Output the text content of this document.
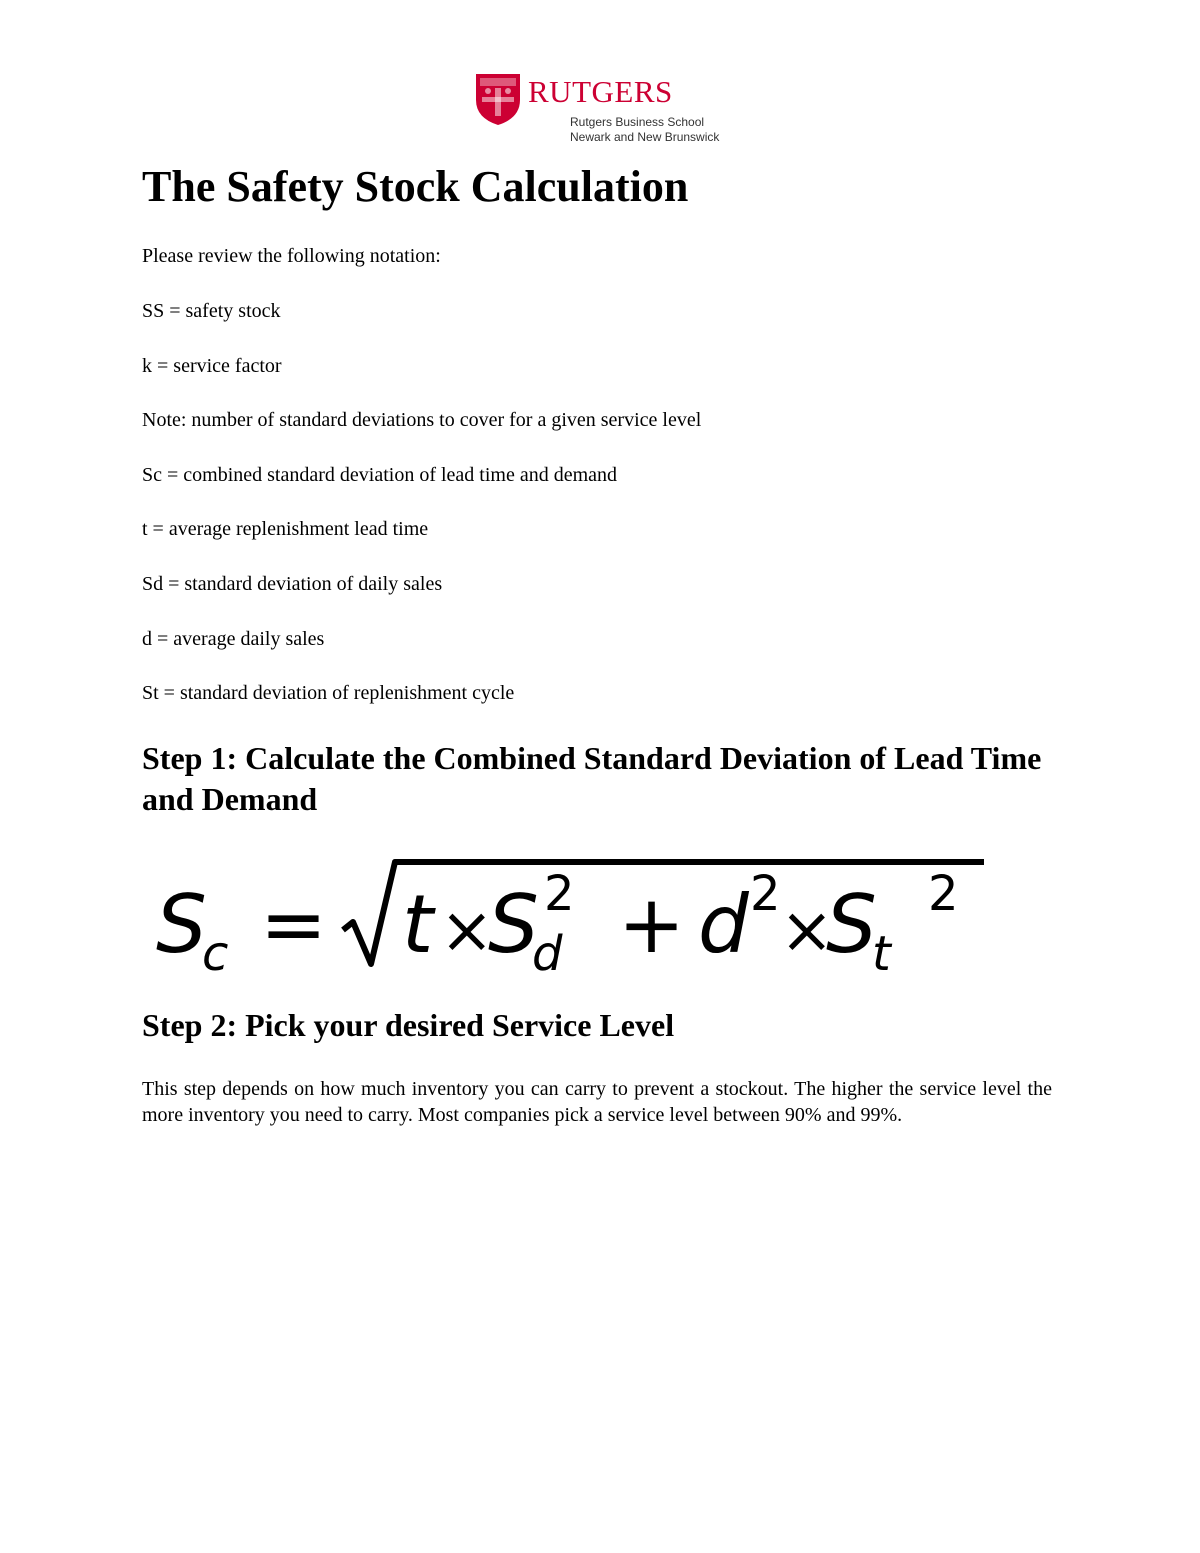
RUTGERS
Rutgers Business School
Newark and New Brunswick
The Safety Stock Calculation

Please review the following notation:

SS = safety stock
k = service factor
Note: number of standard deviations to cover for a given service level
Sc = combined standard deviation of lead time and demand
t = average replenishment lead time
Sd = standard deviation of daily sales
d = average daily sales
St = standard deviation of replenishment cycle
Step 1: Calculate the Combined Standard Deviation of Lead Time and Demand
S
c = t ×
S
d
2 + d 2 ×
S
t
2
Step 2: Pick your desired Service Level

This step depends on how much inventory you can carry to prevent a stockout. The higher the service level the more inventory you need to carry. Most companies pick a service level between 90% and 99%.
